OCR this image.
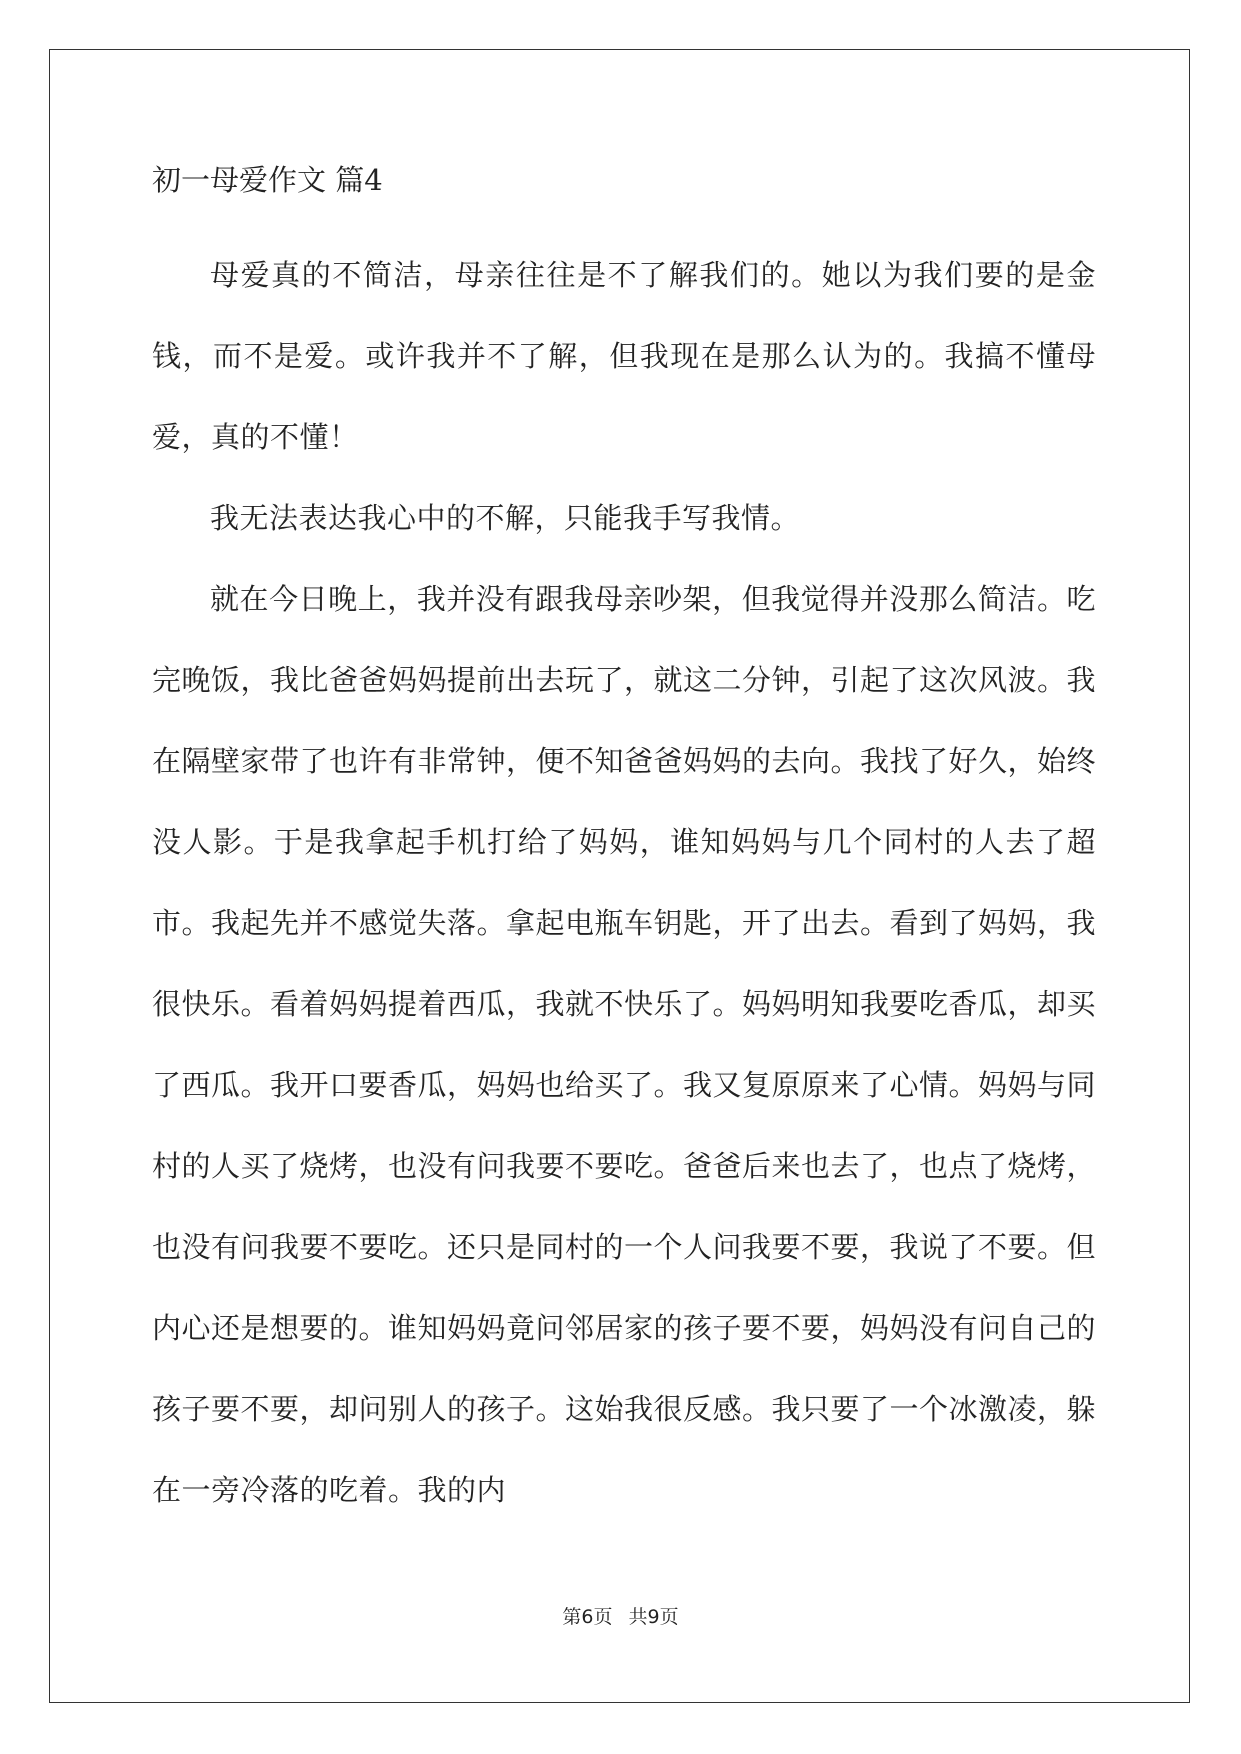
初一母爱作文 篇4

母爱真的不简洁，母亲往往是不了解我们的。她以为我们要的是金钱，而不是爱。或许我并不了解，但我现在是那么认为的。我搞不懂母爱，真的不懂！

我无法表达我心中的不解，只能我手写我情。

就在今日晚上，我并没有跟我母亲吵架，但我觉得并没那么简洁。吃完晚饭，我比爸爸妈妈提前出去玩了，就这二分钟，引起了这次风波。我在隔壁家带了也许有非常钟，便不知爸爸妈妈的去向。我找了好久，始终没人影。于是我拿起手机打给了妈妈，谁知妈妈与几个同村的人去了超市。我起先并不感觉失落。拿起电瓶车钥匙，开了出去。看到了妈妈，我很快乐。看着妈妈提着西瓜，我就不快乐了。妈妈明知我要吃香瓜，却买了西瓜。我开口要香瓜，妈妈也给买了。我又复原原来了心情。妈妈与同村的人买了烧烤，也没有问我要不要吃。爸爸后来也去了，也点了烧烤，也没有问我要不要吃。还只是同村的一个人问我要不要，我说了不要。但内心还是想要的。谁知妈妈竟问邻居家的孩子要不要，妈妈没有问自己的孩子要不要，却问别人的孩子。这始我很反感。我只要了一个冰激凌，躲在一旁冷落的吃着。我的内

第6页 共9页
